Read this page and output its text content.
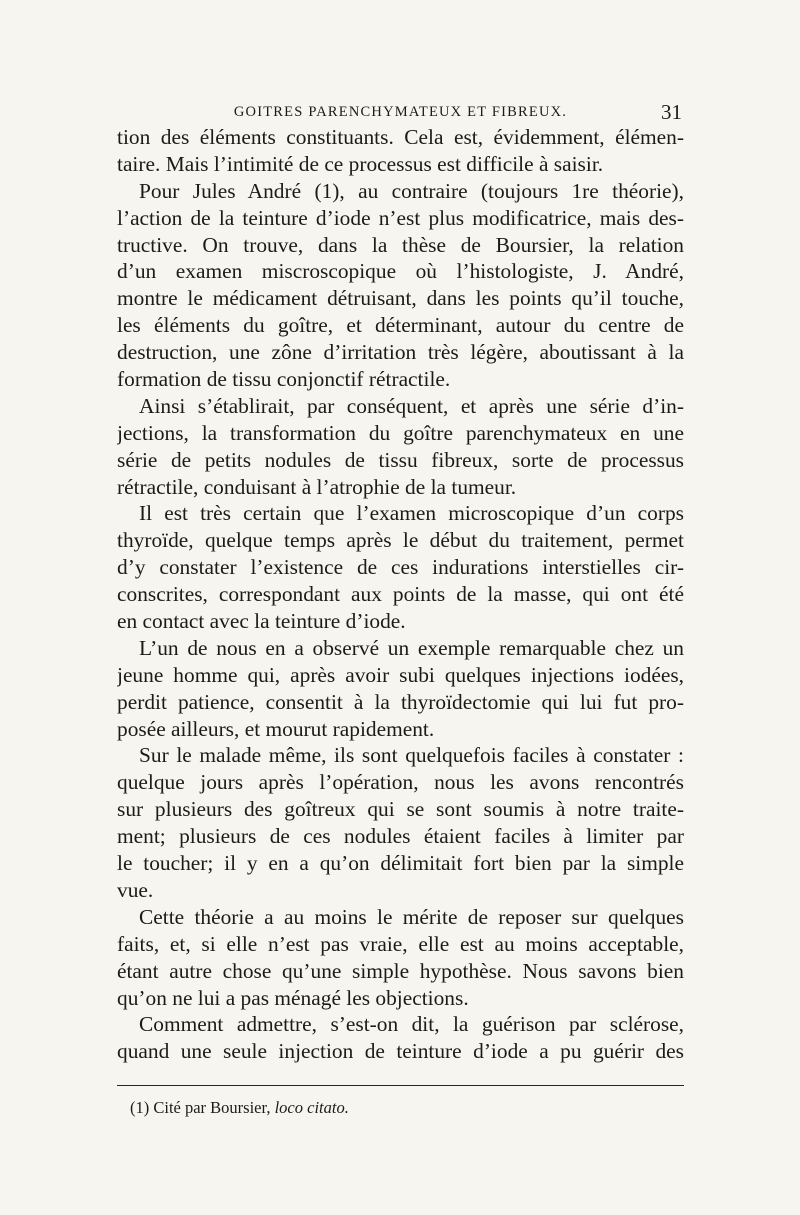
GOITRES PARENCHYMATEUX ET FIBREUX.	31
tion des éléments constituants. Cela est, évidemment, élémen-
taire. Mais l’intimité de ce processus est difficile à saisir.
Pour Jules André (1), au contraire (toujours 1re théorie),
l’action de la teinture d’iode n’est plus modificatrice, mais des-
tructive. On trouve, dans la thèse de Boursier, la relation
d’un examen miscroscopique où l’histologiste, J. André,
montre le médicament détruisant, dans les points qu’il touche,
les éléments du goître, et déterminant, autour du centre de
destruction, une zône d’irritation très légère, aboutissant à la
formation de tissu conjonctif rétractile.
Ainsi s’établirait, par conséquent, et après une série d’in-
jections, la transformation du goître parenchymateux en une
série de petits nodules de tissu fibreux, sorte de processus
rétractile, conduisant à l’atrophie de la tumeur.
Il est très certain que l’examen microscopique d’un corps
thyroïde, quelque temps après le début du traitement, permet
d’y constater l’existence de ces indurations interstielles cir-
conscrites, correspondant aux points de la masse, qui ont été
en contact avec la teinture d’iode.
L’un de nous en a observé un exemple remarquable chez un
jeune homme qui, après avoir subi quelques injections iodées,
perdit patience, consentit à la thyroïdectomie qui lui fut pro-
posée ailleurs, et mourut rapidement.
Sur le malade même, ils sont quelquefois faciles à constater :
quelque jours après l’opération, nous les avons rencontrés
sur plusieurs des goîtreux qui se sont soumis à notre traite-
ment; plusieurs de ces nodules étaient faciles à limiter par
le toucher; il y en a qu’on délimitait fort bien par la simple
vue.
Cette théorie a au moins le mérite de reposer sur quelques
faits, et, si elle n’est pas vraie, elle est au moins acceptable,
étant autre chose qu’une simple hypothèse. Nous savons bien
qu’on ne lui a pas ménagé les objections.
Comment admettre, s’est-on dit, la guérison par sclérose,
quand une seule injection de teinture d’iode a pu guérir des
(1) Cité par Boursier, loco citato.
